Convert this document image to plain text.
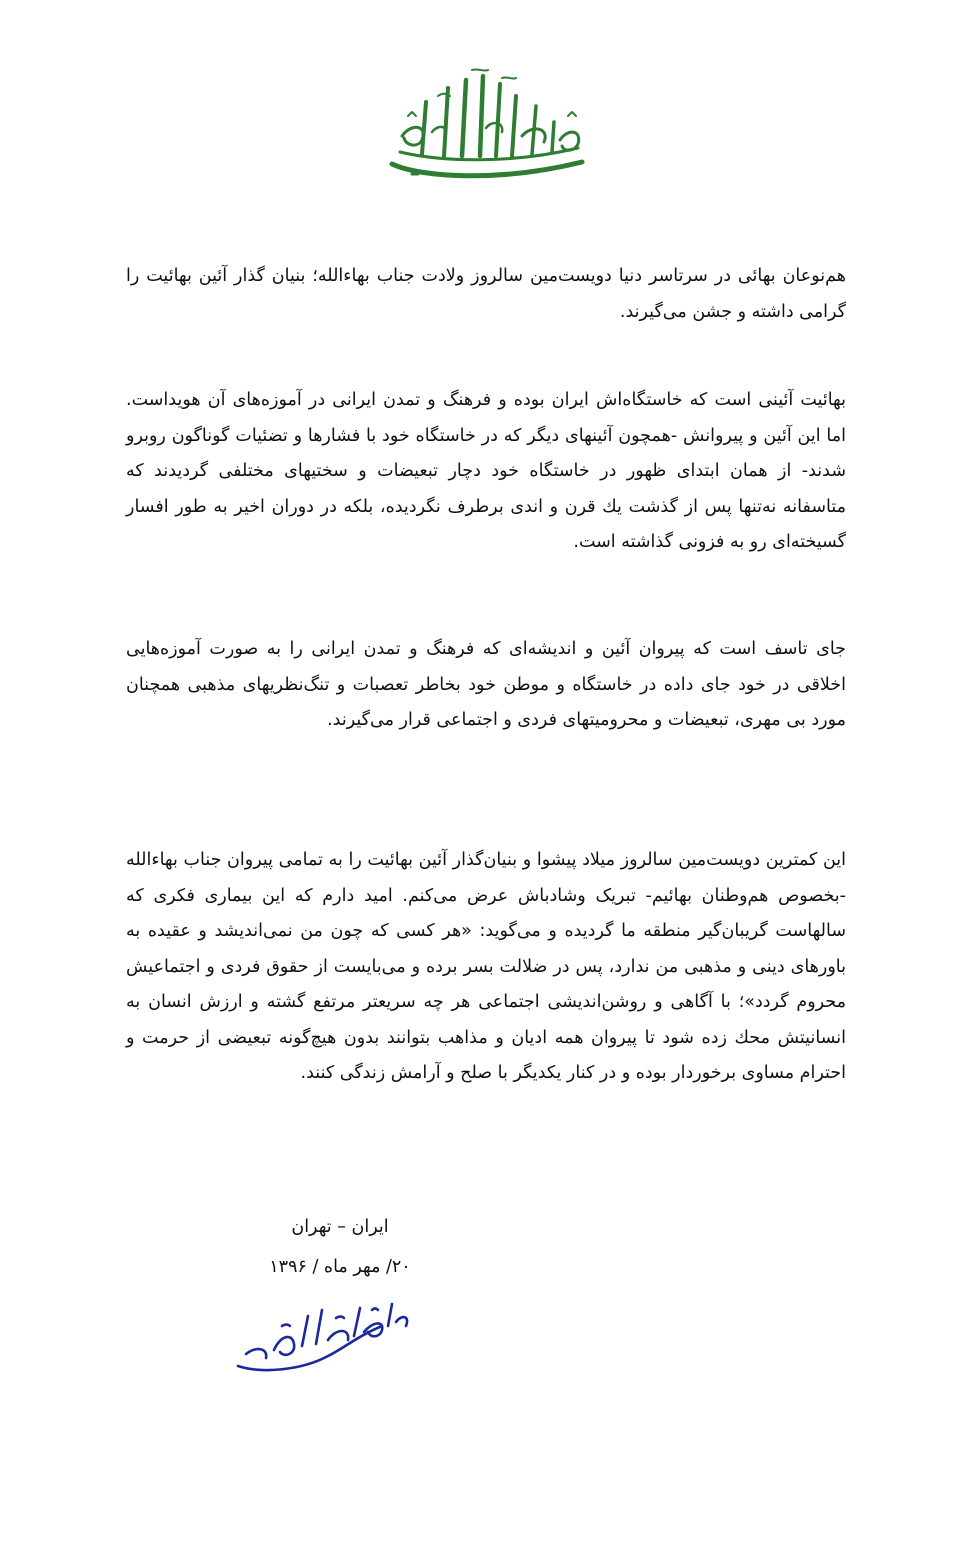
هم‌نوعان بهائی در سرتاسر دنیا دویست‌مین سالروز ولادت جناب بهاءالله؛ بنیان گذار آئین بهائیت را گرامی داشته و جشن می‌گیرند.
بهائیت آئینی است که خاستگاه‌اش ایران بوده و فرهنگ و تمدن ایرانی در آموزه‌های آن هویداست. اما این آئین و پیروانش -همچون آئینهای دیگر که در خاستگاه خود با فشارها و تضئیات گوناگون روبرو شدند- از همان ابتدای ظهور در خاستگاه خود دچار تبعیضات و سختیهای مختلفی گردیدند که متاسفانه نه‌تنها پس از گذشت یك قرن و اندی برطرف نگردیده، بلکه در دوران اخیر به طور افسار گسیخته‌ای رو به فزونی گذاشته است.
جای تاسف است که پیروان آئین و اندیشه‌ای که فرهنگ و تمدن ایرانی را به صورت آموزه‌هایی اخلاقی در خود جای داده در خاستگاه و موطن خود بخاطر تعصبات و تنگ‌نظریهای مذهبی همچنان مورد بی مهری، تبعیضات و محرومیتهای فردی و اجتماعی قرار می‌گیرند.
این کمترین دویست‌مین سالروز میلاد پیشوا و بنیان‌گذار آئین بهائیت را به تمامی پیروان جناب بهاءالله -بخصوص هم‌وطنان بهائیم- تبریک وشادباش عرض می‌کنم. امید دارم که این بیماری فکری که سالهاست گریبان‌گیر منطقه ما گردیده و می‌گوید: «هر کسی که چون من نمی‌اندیشد و عقیده به باورهای دینی و مذهبی من ندارد، پس در ضلالت بسر برده و می‌بایست از حقوق فردی و اجتماعیش محروم گردد»؛ با آگاهی و روشن‌اندیشی اجتماعی هر چه سریعتر مرتفع گشته و ارزش انسان به انسانیتش محك زده شود تا پیروان همه ادیان و مذاهب بتوانند بدون هیچ‌گونه تبعیضی از حرمت و احترام مساوی برخوردار بوده و در کنار یکدیگر با صلح و آرامش زندگی کنند.
ایران – تهران
۲۰/ مهر ماه / ۱۳۹۶
